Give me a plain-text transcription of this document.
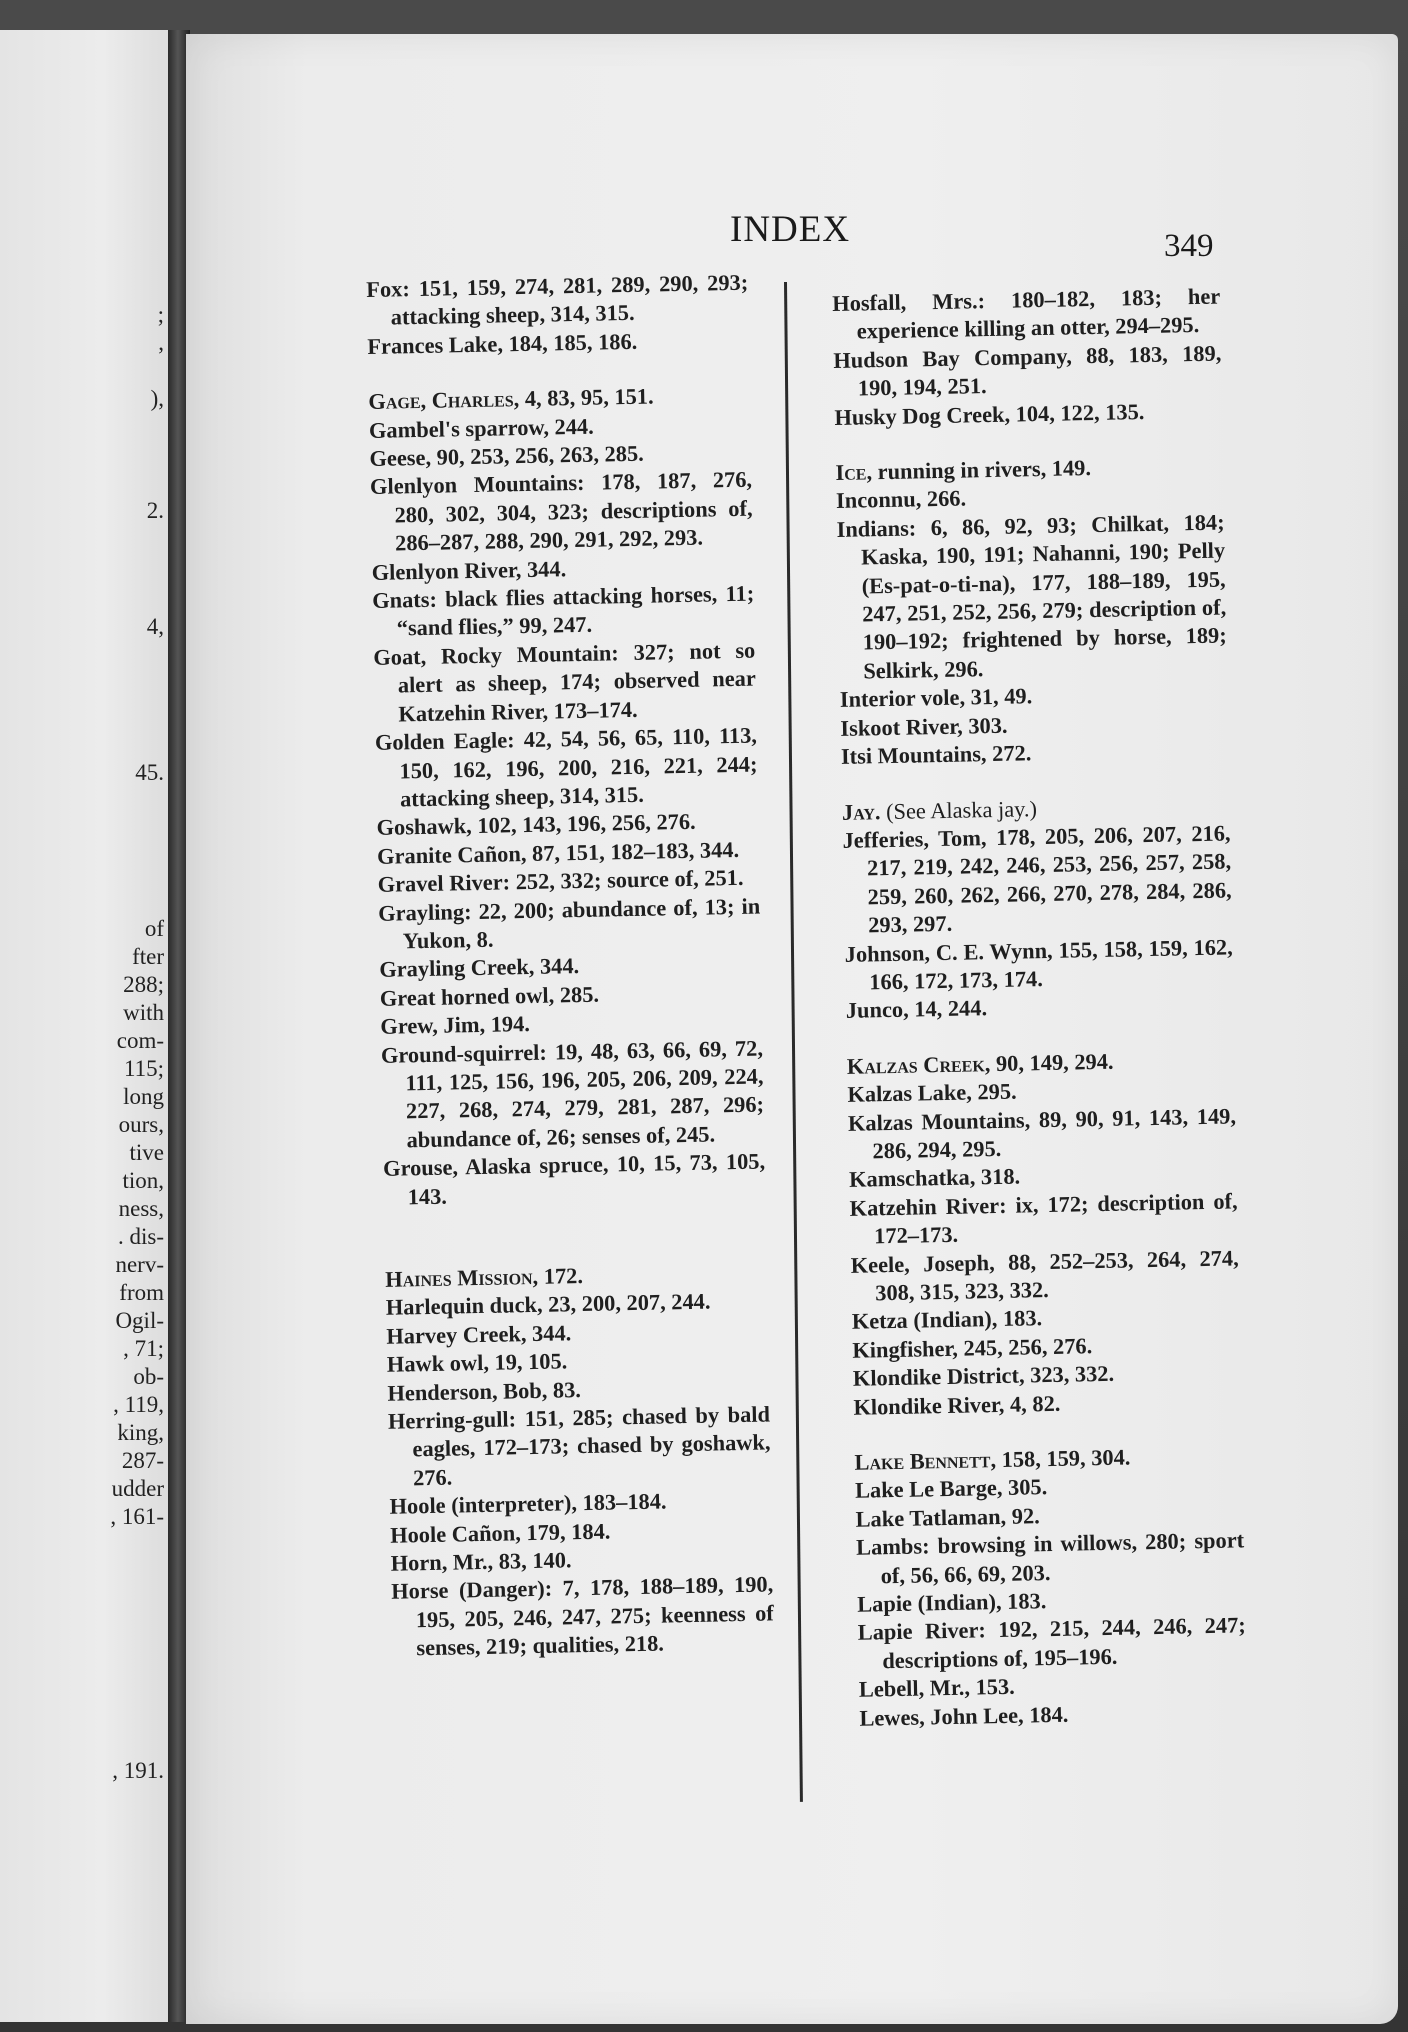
;
,
),
2.
4,
45.
of
fter
288;
with
com-
115;
long
ours,
tive
tion,
ness,
. dis-
nerv-
from
Ogil-
, 71;
ob-
, 119,
king,
287-
udder
, 161-
, 191.
INDEX	349
Fox: 151, 159, 274, 281, 289, 290, 293; attacking sheep, 314, 315.
Frances Lake, 184, 185, 186.
Gage, Charles, 4, 83, 95, 151.
Gambel's sparrow, 244.
Geese, 90, 253, 256, 263, 285.
Glenlyon Mountains: 178, 187, 276, 280, 302, 304, 323; descriptions of, 286–287, 288, 290, 291, 292, 293.
Glenlyon River, 344.
Gnats: black flies attacking horses, 11; “sand flies,” 99, 247.
Goat, Rocky Mountain: 327; not so alert as sheep, 174; observed near Katzehin River, 173–174.
Golden Eagle: 42, 54, 56, 65, 110, 113, 150, 162, 196, 200, 216, 221, 244; attacking sheep, 314, 315.
Goshawk, 102, 143, 196, 256, 276.
Granite Cañon, 87, 151, 182–183, 344.
Gravel River: 252, 332; source of, 251.
Grayling: 22, 200; abundance of, 13; in Yukon, 8.
Grayling Creek, 344.
Great horned owl, 285.
Grew, Jim, 194.
Ground-squirrel: 19, 48, 63, 66, 69, 72, 111, 125, 156, 196, 205, 206, 209, 224, 227, 268, 274, 279, 281, 287, 296; abundance of, 26; senses of, 245.
Grouse, Alaska spruce, 10, 15, 73, 105, 143.
Haines Mission, 172.
Harlequin duck, 23, 200, 207, 244.
Harvey Creek, 344.
Hawk owl, 19, 105.
Henderson, Bob, 83.
Herring-gull: 151, 285; chased by bald eagles, 172–173; chased by goshawk, 276.
Hoole (interpreter), 183–184.
Hoole Cañon, 179, 184.
Horn, Mr., 83, 140.
Horse (Danger): 7, 178, 188–189, 190, 195, 205, 246, 247, 275; keenness of senses, 219; qualities, 218.
Hosfall, Mrs.: 180–182, 183; her experience killing an otter, 294–295.
Hudson Bay Company, 88, 183, 189, 190, 194, 251.
Husky Dog Creek, 104, 122, 135.
Ice, running in rivers, 149.
Inconnu, 266.
Indians: 6, 86, 92, 93; Chilkat, 184; Kaska, 190, 191; Nahanni, 190; Pelly (Es-pat-o-ti-na), 177, 188–189, 195, 247, 251, 252, 256, 279; description of, 190–192; frightened by horse, 189; Selkirk, 296.
Interior vole, 31, 49.
Iskoot River, 303.
Itsi Mountains, 272.
Jay. (See Alaska jay.)
Jefferies, Tom, 178, 205, 206, 207, 216, 217, 219, 242, 246, 253, 256, 257, 258, 259, 260, 262, 266, 270, 278, 284, 286, 293, 297.
Johnson, C. E. Wynn, 155, 158, 159, 162, 166, 172, 173, 174.
Junco, 14, 244.
Kalzas Creek, 90, 149, 294.
Kalzas Lake, 295.
Kalzas Mountains, 89, 90, 91, 143, 149, 286, 294, 295.
Kamschatka, 318.
Katzehin River: ix, 172; description of, 172–173.
Keele, Joseph, 88, 252–253, 264, 274, 308, 315, 323, 332.
Ketza (Indian), 183.
Kingfisher, 245, 256, 276.
Klondike District, 323, 332.
Klondike River, 4, 82.
Lake Bennett, 158, 159, 304.
Lake Le Barge, 305.
Lake Tatlaman, 92.
Lambs: browsing in willows, 280; sport of, 56, 66, 69, 203.
Lapie (Indian), 183.
Lapie River: 192, 215, 244, 246, 247; descriptions of, 195–196.
Lebell, Mr., 153.
Lewes, John Lee, 184.
